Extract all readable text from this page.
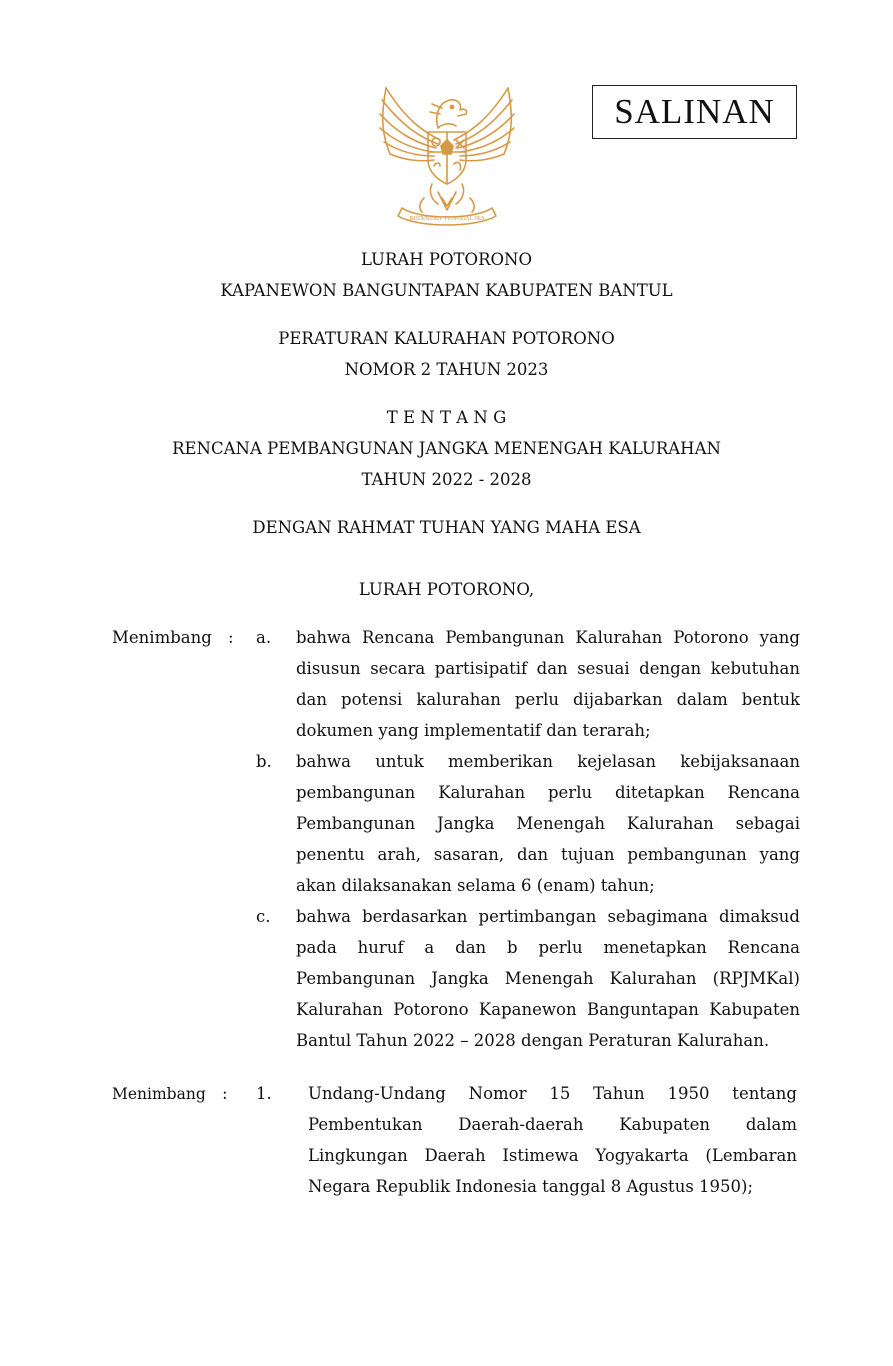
SALINAN
BHINNEKA TUNGGAL IKA
LURAH POTORONO
KAPANEWON BANGUNTAPAN KABUPATEN BANTUL
PERATURAN KALURAHAN POTORONO
NOMOR 2 TAHUN 2023
T E N T A N G
RENCANA PEMBANGUNAN JANGKA MENENGAH KALURAHAN
TAHUN 2022 - 2028
DENGAN RAHMAT TUHAN YANG MAHA ESA
LURAH POTORONO,
Menimbang : a. bahwa Rencana Pembangunan Kalurahan Potorono yang
disusun secara partisipatif dan sesuai dengan kebutuhan
dan potensi kalurahan perlu dijabarkan dalam bentuk
dokumen yang implementatif dan terarah;
b. bahwa untuk memberikan kejelasan kebijaksanaan
pembangunan Kalurahan perlu ditetapkan Rencana
Pembangunan Jangka Menengah Kalurahan sebagai
penentu arah, sasaran, dan tujuan pembangunan yang
akan dilaksanakan selama 6 (enam) tahun;
c. bahwa berdasarkan pertimbangan sebagimana dimaksud
pada huruf a dan b perlu menetapkan Rencana
Pembangunan Jangka Menengah Kalurahan (RPJMKal)
Kalurahan Potorono Kapanewon Banguntapan Kabupaten
Bantul Tahun 2022 – 2028 dengan Peraturan Kalurahan.
Menimbang : 1. Undang-Undang Nomor 15 Tahun 1950 tentang
Pembentukan Daerah-daerah Kabupaten dalam
Lingkungan Daerah Istimewa Yogyakarta (Lembaran
Negara Republik Indonesia tanggal 8 Agustus 1950);
